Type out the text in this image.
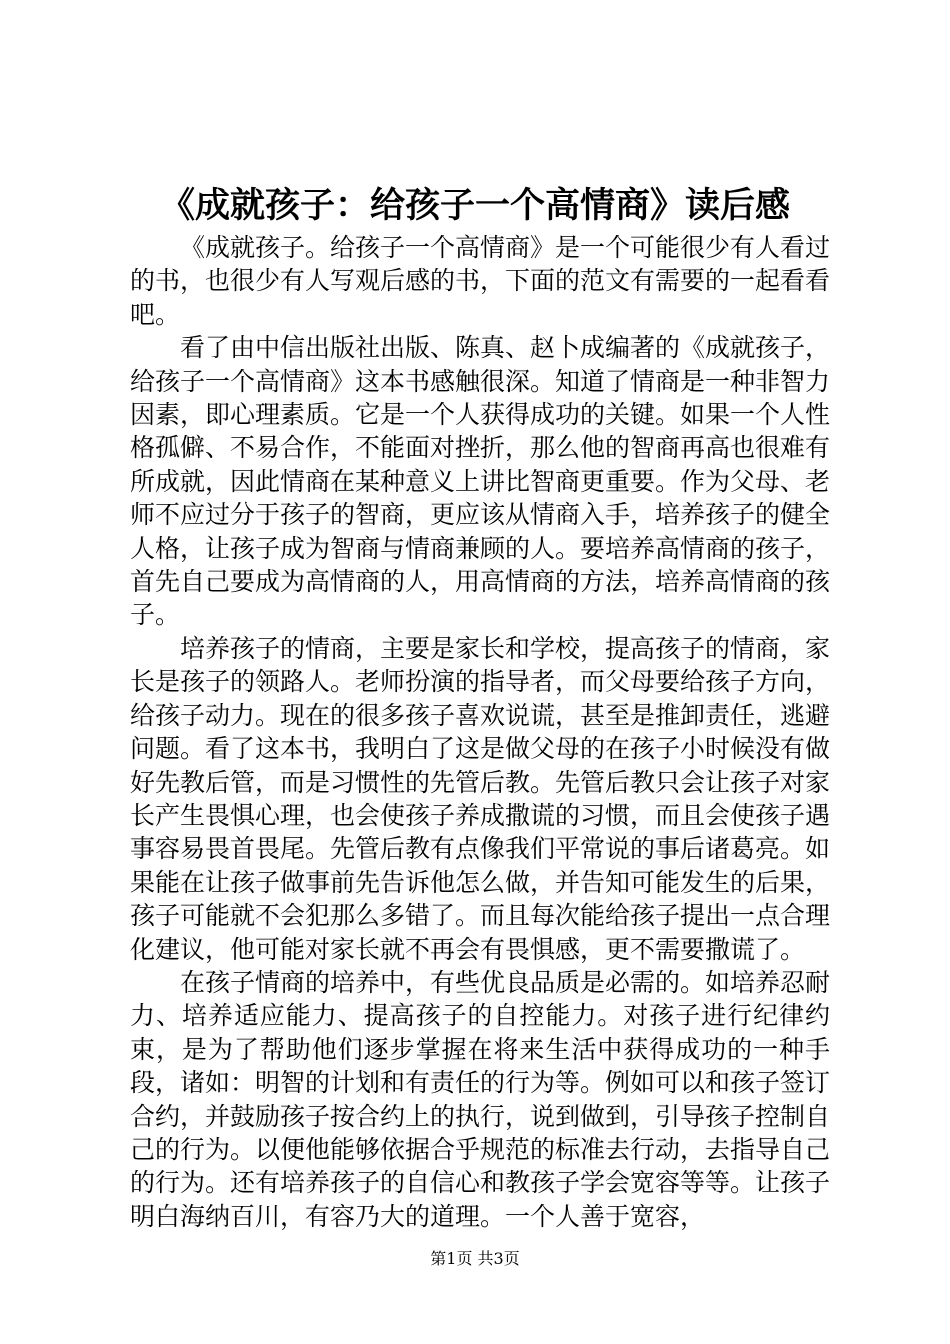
《成就孩子：给孩子一个高情商》读后感

《成就孩子。给孩子一个高情商》是一个可能很少有人看过的书，也很少有人写观后感的书，下面的范文有需要的一起看看吧。

看了由中信出版社出版、陈真、赵卜成编著的《成就孩子，给孩子一个高情商》这本书感触很深。知道了情商是一种非智力因素，即心理素质。它是一个人获得成功的关键。如果一个人性格孤僻、不易合作，不能面对挫折，那么他的智商再高也很难有所成就，因此情商在某种意义上讲比智商更重要。作为父母、老师不应过分于孩子的智商，更应该从情商入手，培养孩子的健全人格，让孩子成为智商与情商兼顾的人。要培养高情商的孩子，首先自己要成为高情商的人，用高情商的方法，培养高情商的孩子。

培养孩子的情商，主要是家长和学校，提高孩子的情商，家长是孩子的领路人。老师扮演的指导者，而父母要给孩子方向，给孩子动力。现在的很多孩子喜欢说谎，甚至是推卸责任，逃避问题。看了这本书，我明白了这是做父母的在孩子小时候没有做好先教后管，而是习惯性的先管后教。先管后教只会让孩子对家长产生畏惧心理，也会使孩子养成撒谎的习惯，而且会使孩子遇事容易畏首畏尾。先管后教有点像我们平常说的事后诸葛亮。如果能在让孩子做事前先告诉他怎么做，并告知可能发生的后果，孩子可能就不会犯那么多错了。而且每次能给孩子提出一点合理化建议，他可能对家长就不再会有畏惧感，更不需要撒谎了。

在孩子情商的培养中，有些优良品质是必需的。如培养忍耐力、培养适应能力、提高孩子的自控能力。对孩子进行纪律约束，是为了帮助他们逐步掌握在将来生活中获得成功的一种手段，诸如：明智的计划和有责任的行为等。例如可以和孩子签订合约，并鼓励孩子按合约上的执行，说到做到，引导孩子控制自己的行为。以便他能够依据合乎规范的标准去行动，去指导自己的行为。还有培养孩子的自信心和教孩子学会宽容等等。让孩子明白海纳百川，有容乃大的道理。一个人善于宽容，

第1页 共3页
